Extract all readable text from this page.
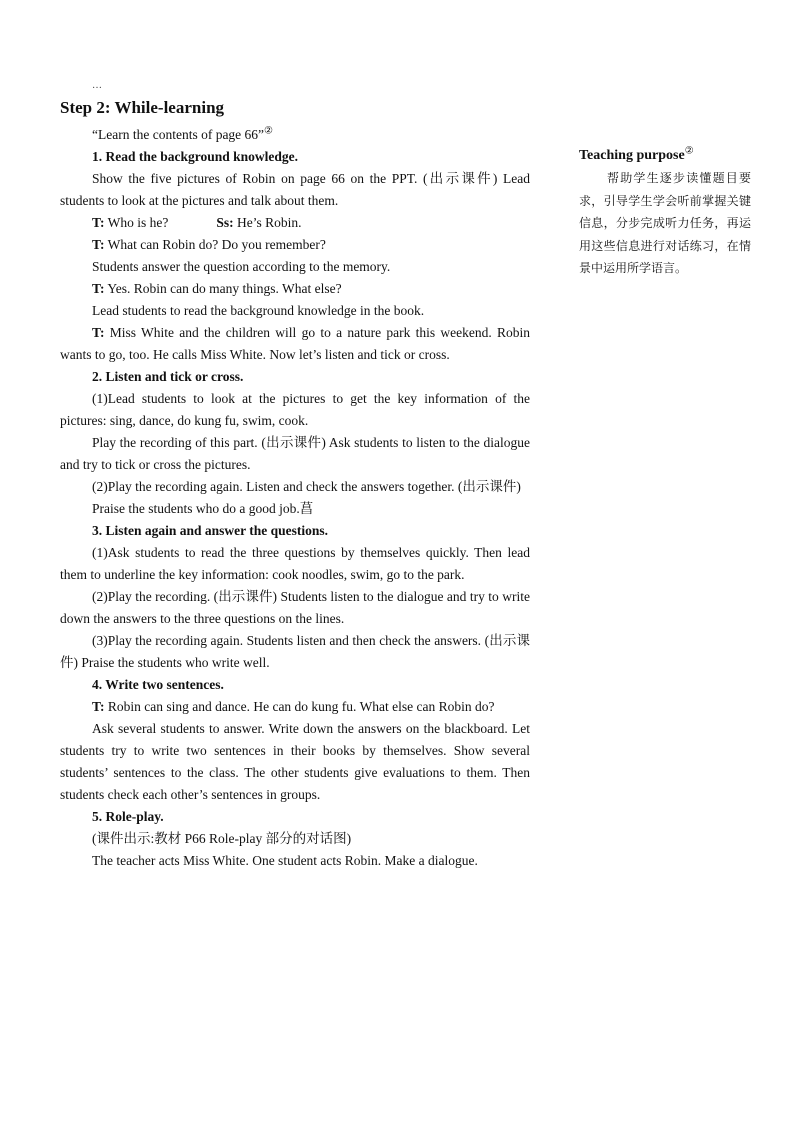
…
Step 2: While-learning

“Learn the contents of page 66”②

1. Read the background knowledge.

Show the five pictures of Robin on page 66 on the PPT. (出示课件) Lead students to look at the pictures and talk about them.

T: Who is he?	Ss: He’s Robin.

T: What can Robin do? Do you remember?

Students answer the question according to the memory.

T: Yes. Robin can do many things. What else?

Lead students to read the background knowledge in the book.

T: Miss White and the children will go to a nature park this weekend. Robin wants to go, too. He calls Miss White. Now let’s listen and tick or cross.

2. Listen and tick or cross.

(1)Lead students to look at the pictures to get the key information of the pictures: sing, dance, do kung fu, swim, cook.

Play the recording of this part. (出示课件) Ask students to listen to the dialogue and try to tick or cross the pictures.

(2)Play the recording again. Listen and check the answers together. (出示课件)

Praise the students who do a good job.菖

3. Listen again and answer the questions.

(1)Ask students to read the three questions by themselves quickly. Then lead them to underline the key information: cook noodles, swim, go to the park.

(2)Play the recording. (出示课件) Students listen to the dialogue and try to write down the answers to the three questions on the lines.

(3)Play the recording again. Students listen and then check the answers. (出示课件) Praise the students who write well.

4. Write two sentences.

T: Robin can sing and dance. He can do kung fu. What else can Robin do?

Ask several students to answer. Write down the answers on the blackboard. Let students try to write two sentences in their books by themselves. Show several students’ sentences to the class. The other students give evaluations to them. Then students check each other’s sentences in groups.

5. Role-play.

(课件出示:教材 P66 Role-play 部分的对话图)

The teacher acts Miss White. One student acts Robin. Make a dialogue.

Teaching purpose②
帮助学生逐步读懂题目要求，引导学生学会听前掌握关键信息，分步完成听力任务，再运用这些信息进行对话练习，在情景中运用所学语言。
